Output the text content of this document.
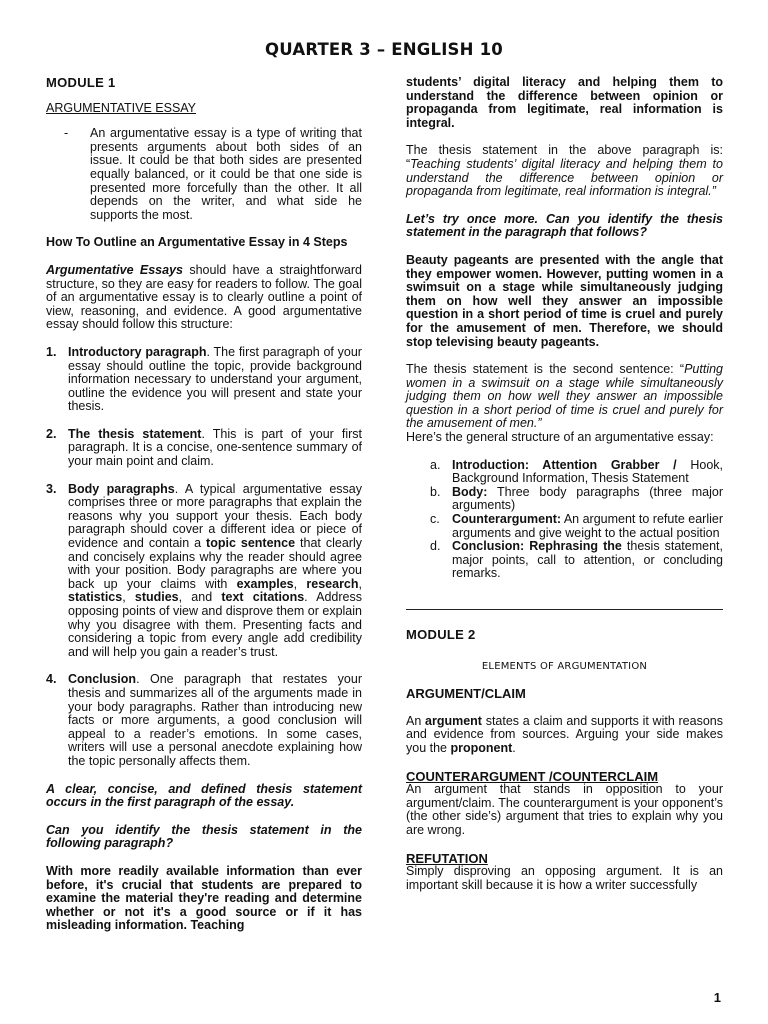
QUARTER 3 – ENGLISH 10

MODULE 1

ARGUMENTATIVE ESSAY

-	An argumentative essay is a type of writing that presents arguments about both sides of an issue. It could be that both sides are presented equally balanced, or it could be that one side is presented more forcefully than the other. It all depends on the writer, and what side he supports the most.

How To Outline an Argumentative Essay in 4 Steps

Argumentative Essays should have a straightforward structure, so they are easy for readers to follow. The goal of an argumentative essay is to clearly outline a point of view, reasoning, and evidence. A good argumentative essay should follow this structure:

1. Introductory paragraph. The first paragraph of your essay should outline the topic, provide background information necessary to understand your argument, outline the evidence you will present and state your thesis.

2. The thesis statement. This is part of your first paragraph. It is a concise, one-sentence summary of your main point and claim.

3. Body paragraphs. A typical argumentative essay comprises three or more paragraphs that explain the reasons why you support your thesis. Each body paragraph should cover a different idea or piece of evidence and contain a topic sentence that clearly and concisely explains why the reader should agree with your position. Body paragraphs are where you back up your claims with examples, research, statistics, studies, and text citations. Address opposing points of view and disprove them or explain why you disagree with them. Presenting facts and considering a topic from every angle add credibility and will help you gain a reader’s trust.

4. Conclusion. One paragraph that restates your thesis and summarizes all of the arguments made in your body paragraphs. Rather than introducing new facts or more arguments, a good conclusion will appeal to a reader’s emotions. In some cases, writers will use a personal anecdote explaining how the topic personally affects them.

A clear, concise, and defined thesis statement occurs in the first paragraph of the essay.

Can you identify the thesis statement in the following paragraph?

With more readily available information than ever before, it's crucial that students are prepared to examine the material they're reading and determine whether or not it's a good source or if it has misleading information. Teaching

students’ digital literacy and helping them to understand the difference between opinion or propaganda from legitimate, real information is integral.

The thesis statement in the above paragraph is: “Teaching students’ digital literacy and helping them to understand the difference between opinion or propaganda from legitimate, real information is integral.”

Let’s try once more. Can you identify the thesis statement in the paragraph that follows?

Beauty pageants are presented with the angle that they empower women. However, putting women in a swimsuit on a stage while simultaneously judging them on how well they answer an impossible question in a short period of time is cruel and purely for the amusement of men. Therefore, we should stop televising beauty pageants.

The thesis statement is the second sentence: “Putting women in a swimsuit on a stage while simultaneously judging them on how well they answer an impossible question in a short period of time is cruel and purely for the amusement of men.”

Here’s the general structure of an argumentative essay:

a. Introduction: Attention Grabber / Hook, Background Information, Thesis Statement

b. Body: Three body paragraphs (three major arguments)

c. Counterargument: An argument to refute earlier arguments and give weight to the actual position

d. Conclusion: Rephrasing the thesis statement, major points, call to attention, or concluding remarks.

MODULE 2

ELEMENTS OF ARGUMENTATION

ARGUMENT/CLAIM

An argument states a claim and supports it with reasons and evidence from sources. Arguing your side makes you the proponent.

COUNTERARGUMENT /COUNTERCLAIM

An argument that stands in opposition to your argument/claim. The counterargument is your opponent’s (the other side’s) argument that tries to explain why you are wrong.

REFUTATION

Simply disproving an opposing argument. It is an important skill because it is how a writer successfully

1
